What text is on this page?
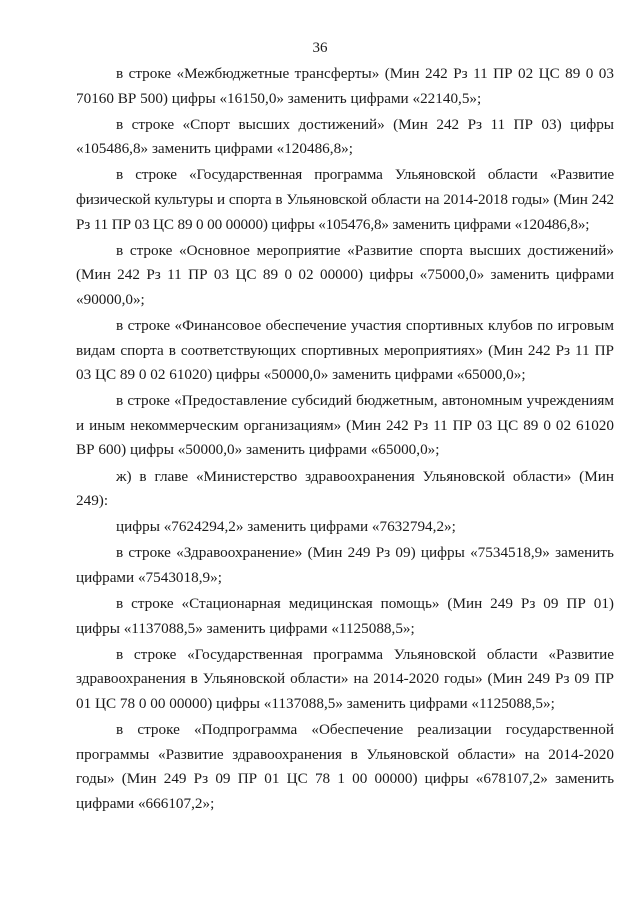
36

в строке «Межбюджетные трансферты» (Мин 242 Рз 11 ПР 02 ЦС 89 0 03 70160 ВР 500) цифры «16150,0» заменить цифрами «22140,5»;

в строке «Спорт высших достижений» (Мин 242 Рз 11 ПР 03) цифры «105486,8» заменить цифрами «120486,8»;

в строке «Государственная программа Ульяновской области «Развитие физической культуры и спорта в Ульяновской области на 2014-2018 годы» (Мин 242 Рз 11 ПР 03 ЦС 89 0 00 00000) цифры «105476,8» заменить цифрами «120486,8»;

в строке «Основное мероприятие «Развитие спорта высших достижений» (Мин 242 Рз 11 ПР 03 ЦС 89 0 02 00000) цифры «75000,0» заменить цифрами «90000,0»;

в строке «Финансовое обеспечение участия спортивных клубов по игровым видам спорта в соответствующих спортивных мероприятиях» (Мин 242 Рз 11 ПР 03 ЦС 89 0 02 61020) цифры «50000,0» заменить цифрами «65000,0»;

в строке «Предоставление субсидий бюджетным, автономным учреждениям и иным некоммерческим организациям» (Мин 242 Рз 11 ПР 03 ЦС 89 0 02 61020 ВР 600) цифры «50000,0» заменить цифрами «65000,0»;

ж) в главе «Министерство здравоохранения Ульяновской области» (Мин 249):

цифры «7624294,2» заменить цифрами «7632794,2»;

в строке «Здравоохранение» (Мин 249 Рз 09) цифры «7534518,9» заменить цифрами «7543018,9»;

в строке «Стационарная медицинская помощь» (Мин 249 Рз 09 ПР 01) цифры «1137088,5» заменить цифрами «1125088,5»;

в строке «Государственная программа Ульяновской области «Развитие здравоохранения в Ульяновской области» на 2014-2020 годы» (Мин 249 Рз 09 ПР 01 ЦС 78 0 00 00000) цифры «1137088,5» заменить цифрами «1125088,5»;

в строке «Подпрограмма «Обеспечение реализации государственной программы «Развитие здравоохранения в Ульяновской области» на 2014-2020 годы» (Мин 249 Рз 09 ПР 01 ЦС 78 1 00 00000) цифры «678107,2» заменить цифрами «666107,2»;
